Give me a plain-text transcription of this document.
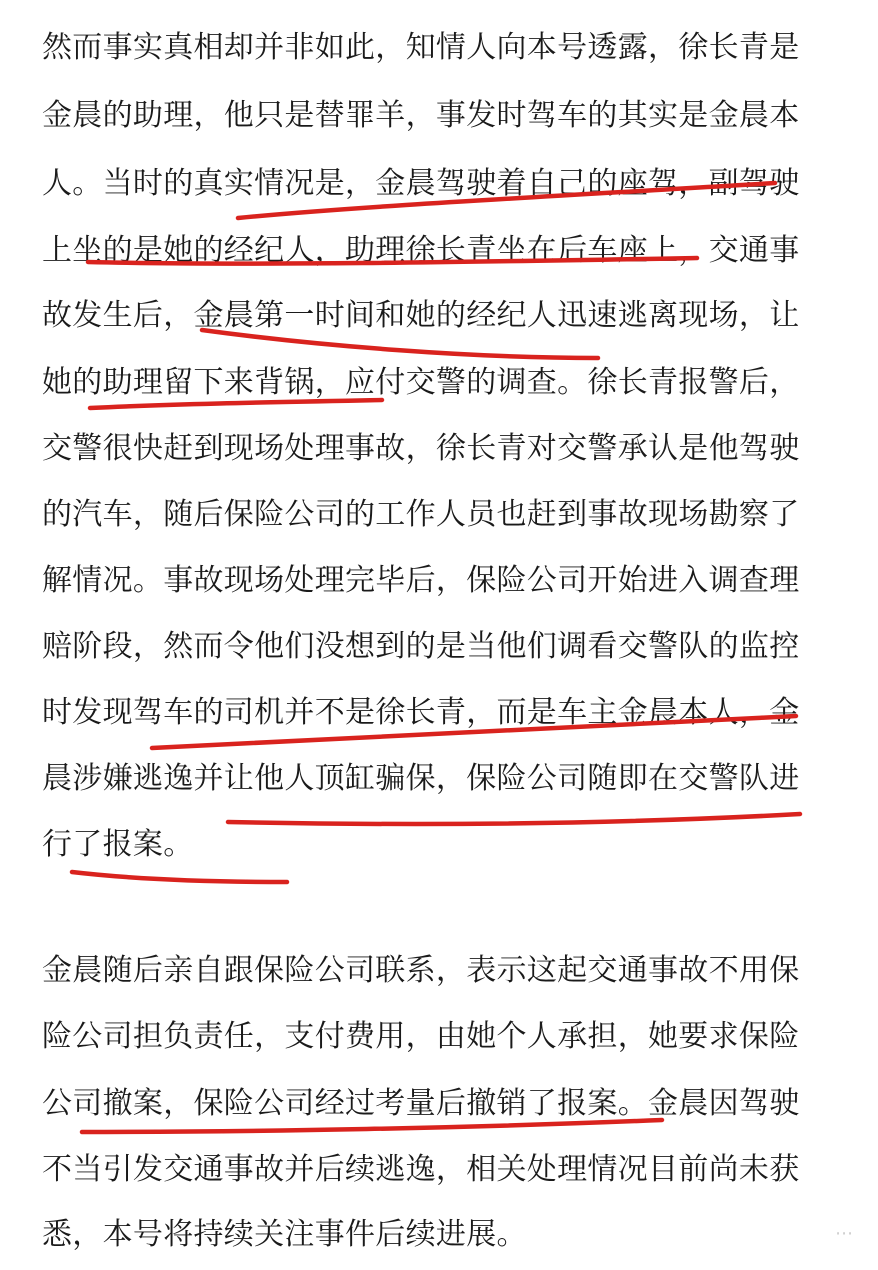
然而事实真相却并非如此，知情人向本号透露，徐长青是
金晨的助理，他只是替罪羊，事发时驾车的其实是金晨本
人。当时的真实情况是，金晨驾驶着自己的座驾，副驾驶
上坐的是她的经纪人，助理徐长青坐在后车座上，交通事
故发生后，金晨第一时间和她的经纪人迅速逃离现场，让
她的助理留下来背锅，应付交警的调查。徐长青报警后，
交警很快赶到现场处理事故，徐长青对交警承认是他驾驶
的汽车，随后保险公司的工作人员也赶到事故现场勘察了
解情况。事故现场处理完毕后，保险公司开始进入调查理
赔阶段，然而令他们没想到的是当他们调看交警队的监控
时发现驾车的司机并不是徐长青，而是车主金晨本人，金
晨涉嫌逃逸并让他人顶缸骗保，保险公司随即在交警队进
行了报案。
金晨随后亲自跟保险公司联系，表示这起交通事故不用保
险公司担负责任，支付费用，由她个人承担，她要求保险
公司撤案，保险公司经过考量后撤销了报案。金晨因驾驶
不当引发交通事故并后续逃逸，相关处理情况目前尚未获
悉，本号将持续关注事件后续进展。	⋯
